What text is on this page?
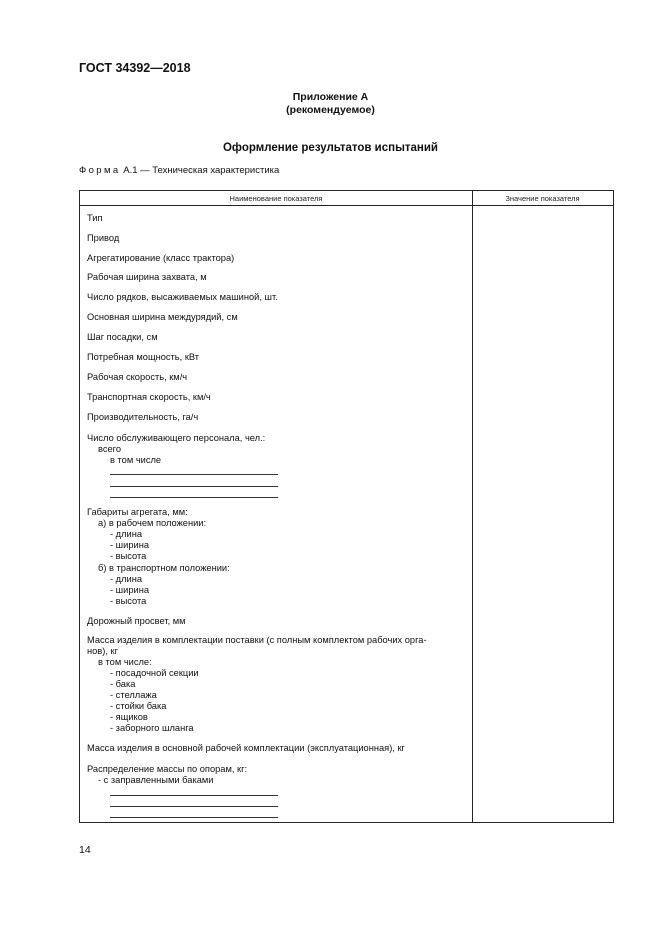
ГОСТ 34392—2018
Приложение А
(рекомендуемое)
Оформление результатов испытаний
Форма А.1 — Техническая характеристика
Наименование показателя	Значение показателя
Тип
Привод
Агрегатирование (класс трактора)
Рабочая ширина захвата, м
Число рядков, высаживаемых машиной, шт.
Основная ширина междурядий, см
Шаг посадки, см
Потребная мощность, кВт
Рабочая скорость, км/ч
Транспортная скорость, км/ч
Производительность, га/ч
Число обслуживающего персонала, чел.:
всего
в том числе
Габариты агрегата, мм:
а) в рабочем положении:
- длина
- ширина
- высота
б) в транспортном положении:
- длина
- ширина
- высота
Дорожный просвет, мм
Масса изделия в комплектации поставки (с полным комплектом рабочих орга-
нов), кг
в том числе:
- посадочной секции
- бака
- стеллажа
- стойки бака
- ящиков
- заборного шланга
Масса изделия в основной рабочей комплектации (эксплуатационная), кг
Распределение массы по опорам, кг:
- с заправленными баками
14
